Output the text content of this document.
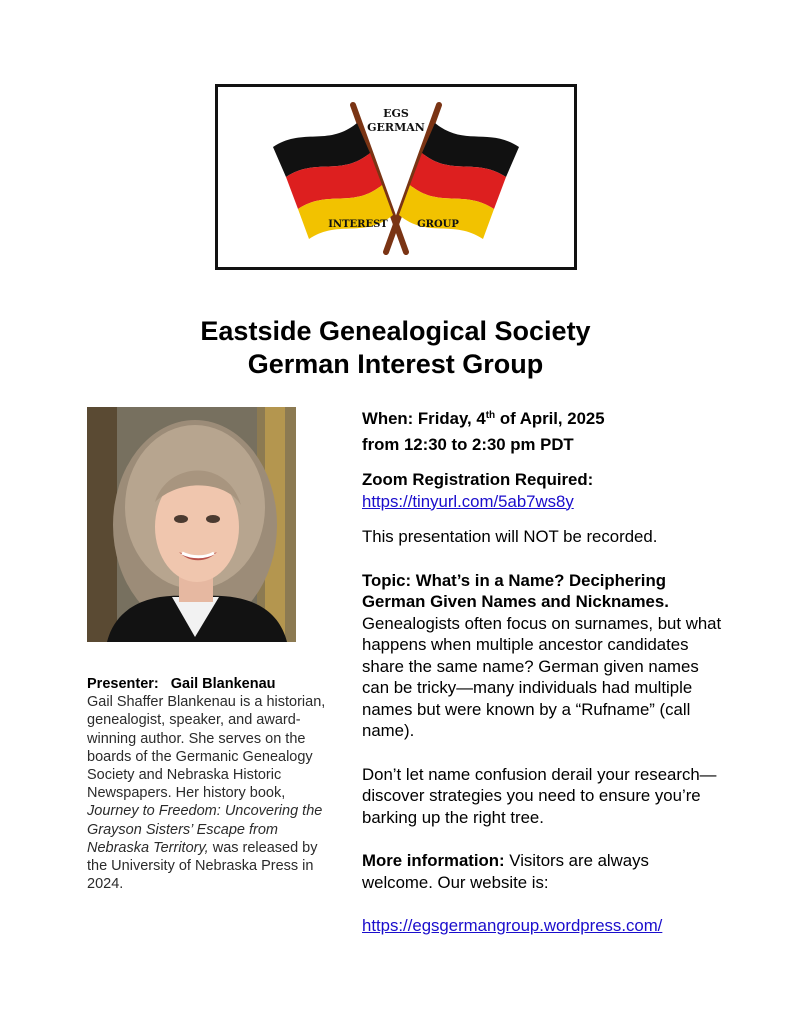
EGS
GERMAN
INTEREST	GROUP
Eastside Genealogical Society
German Interest Group
Presenter: Gail Blankenau
Gail Shaffer Blankenau is a historian, genealogist, speaker, and award-winning author. She serves on the boards of the Germanic Genealogy Society and Nebraska Historic Newspapers. Her history book, Journey to Freedom: Uncovering the Grayson Sisters’ Escape from Nebraska Territory, was released by the University of Nebraska Press in 2024.

When: Friday, 4th of April, 2025

from 12:30 to 2:30 pm PDT

Zoom Registration Required:

https://tinyurl.com/5ab7ws8y

This presentation will NOT be recorded.

Topic: What’s in a Name? Deciphering

German Given Names and Nicknames.

Genealogists often focus on surnames, but what happens when multiple ancestor candidates share the same name? German given names can be tricky—many individuals had multiple names but were known by a “Rufname” (call name).

Don’t let name confusion derail your research—discover strategies you need to ensure you’re barking up the right tree.

More information: Visitors are always welcome. Our website is:

https://egsgermangroup.wordpress.com/
